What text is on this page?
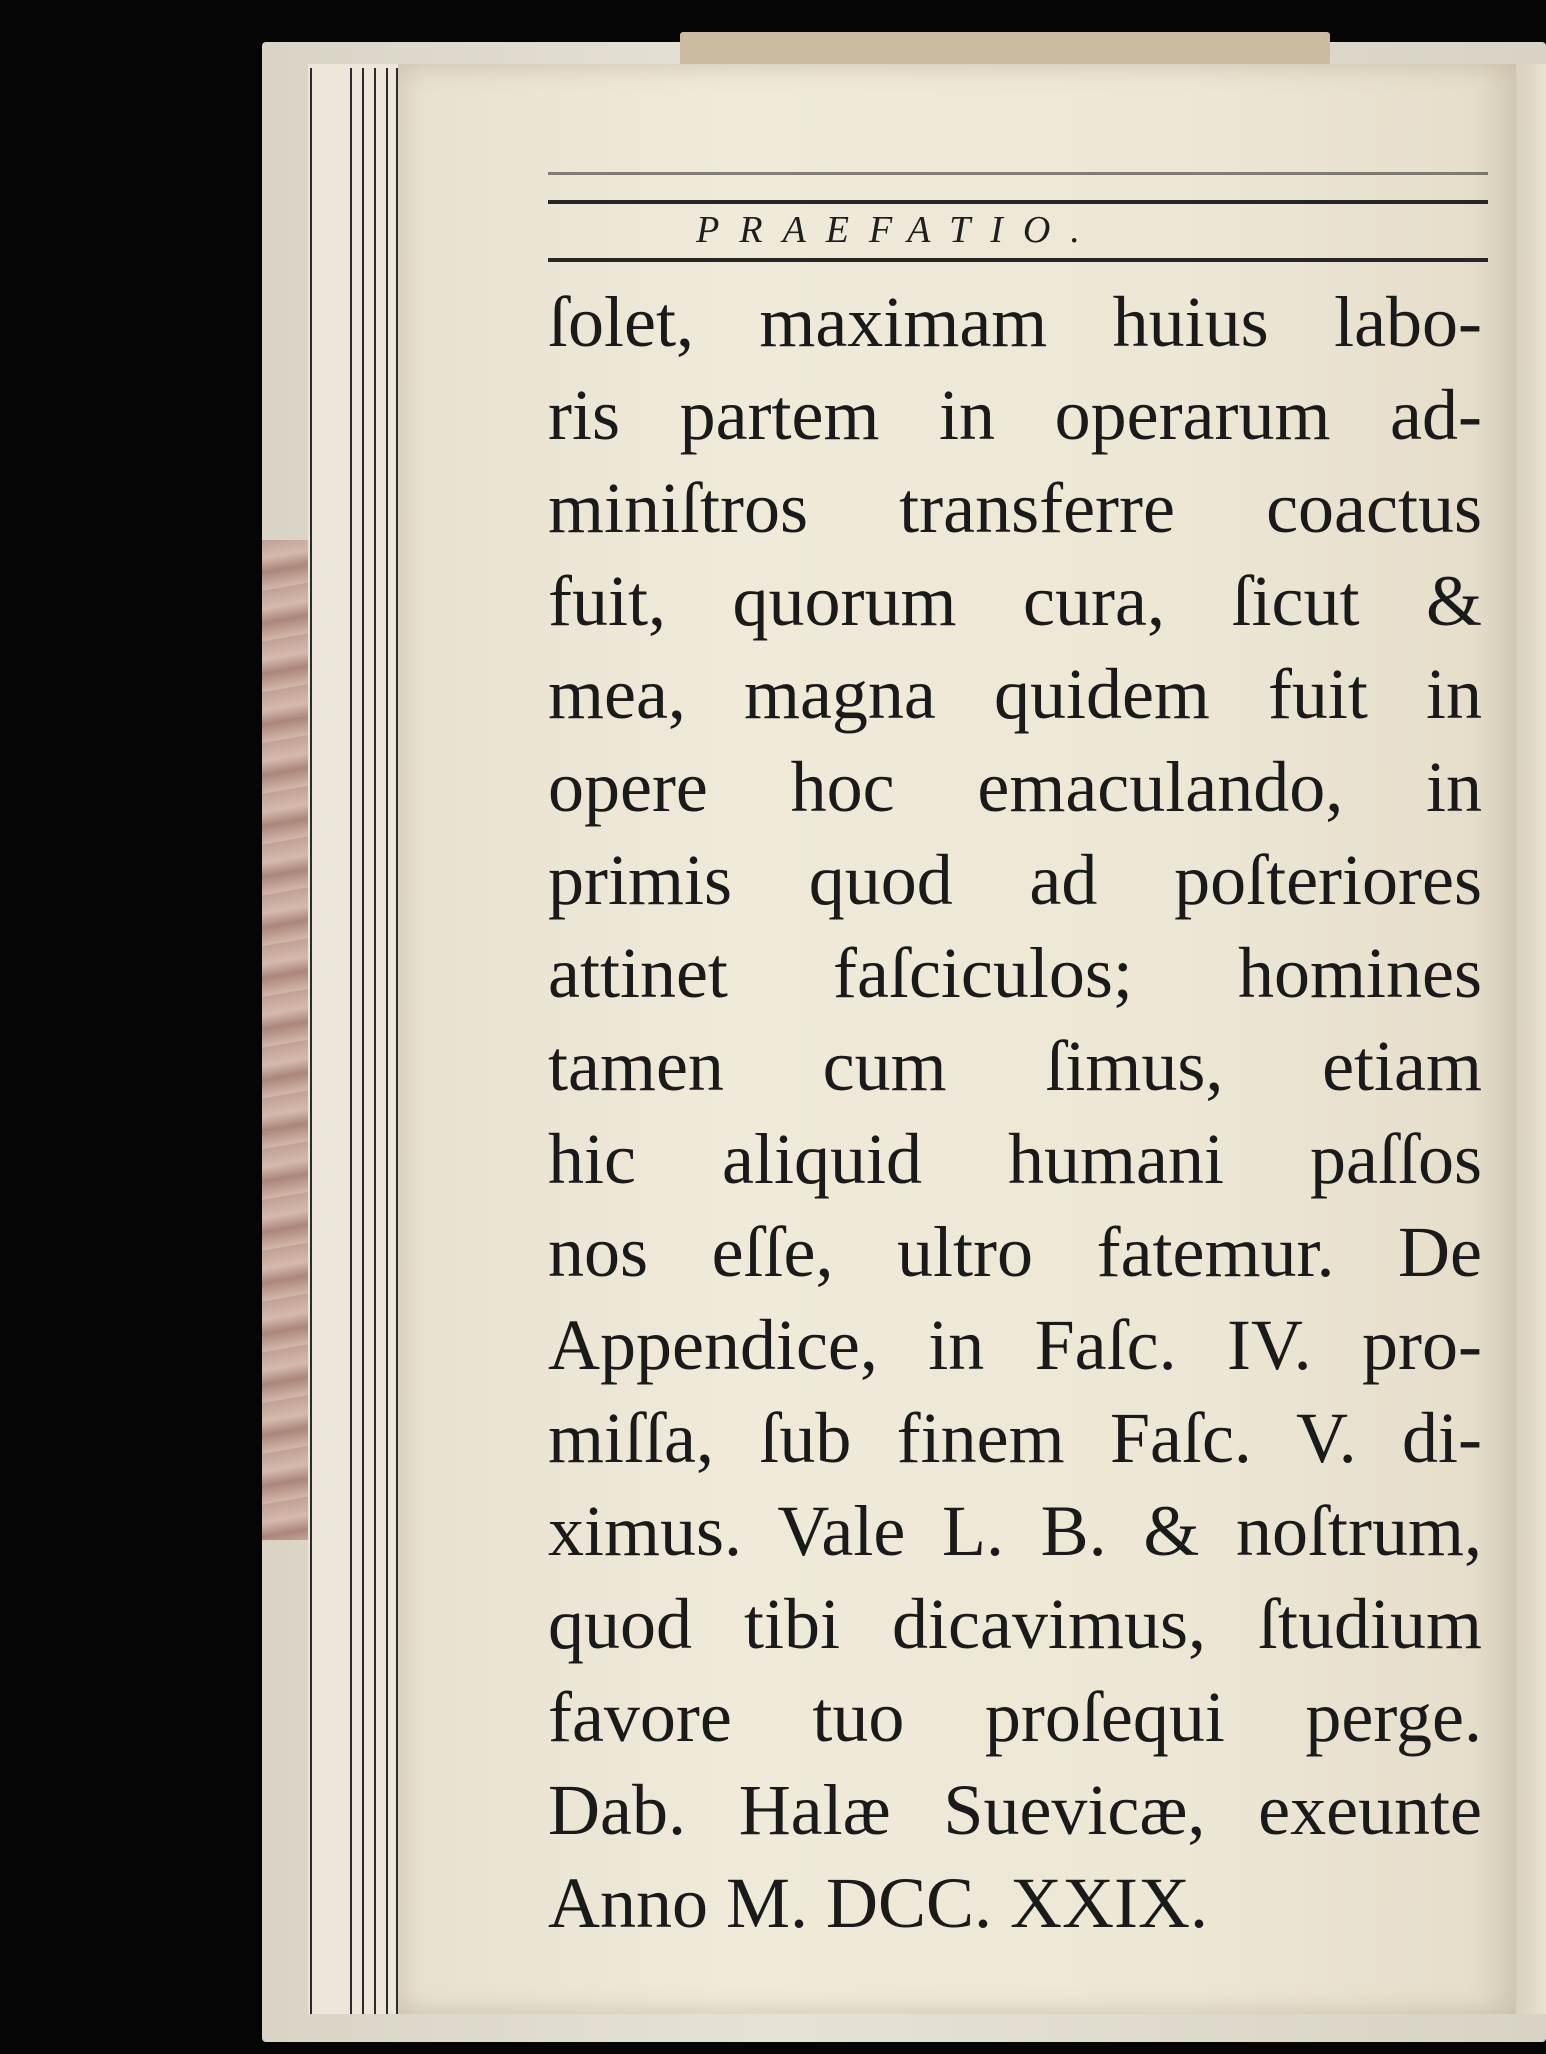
PRAEFATIO.
ſolet, maximam huius labo-
ris partem in operarum ad-
miniſtros transferre coactus
fuit, quorum cura, ſicut &
mea, magna quidem fuit in
opere hoc emaculando, in
primis quod ad poſteriores
attinet faſciculos; homines
tamen cum ſimus, etiam
hic aliquid humani paſſos
nos eſſe, ultro fatemur. De
Appendice, in Faſc. IV. pro-
miſſa, ſub finem Faſc. V. di-
ximus. Vale L. B. & noſtrum,
quod tibi dicavimus, ſtudium
favore tuo proſequi perge.
Dab. Halæ Suevicæ, exeunte
Anno M. DCC. XXIX.
